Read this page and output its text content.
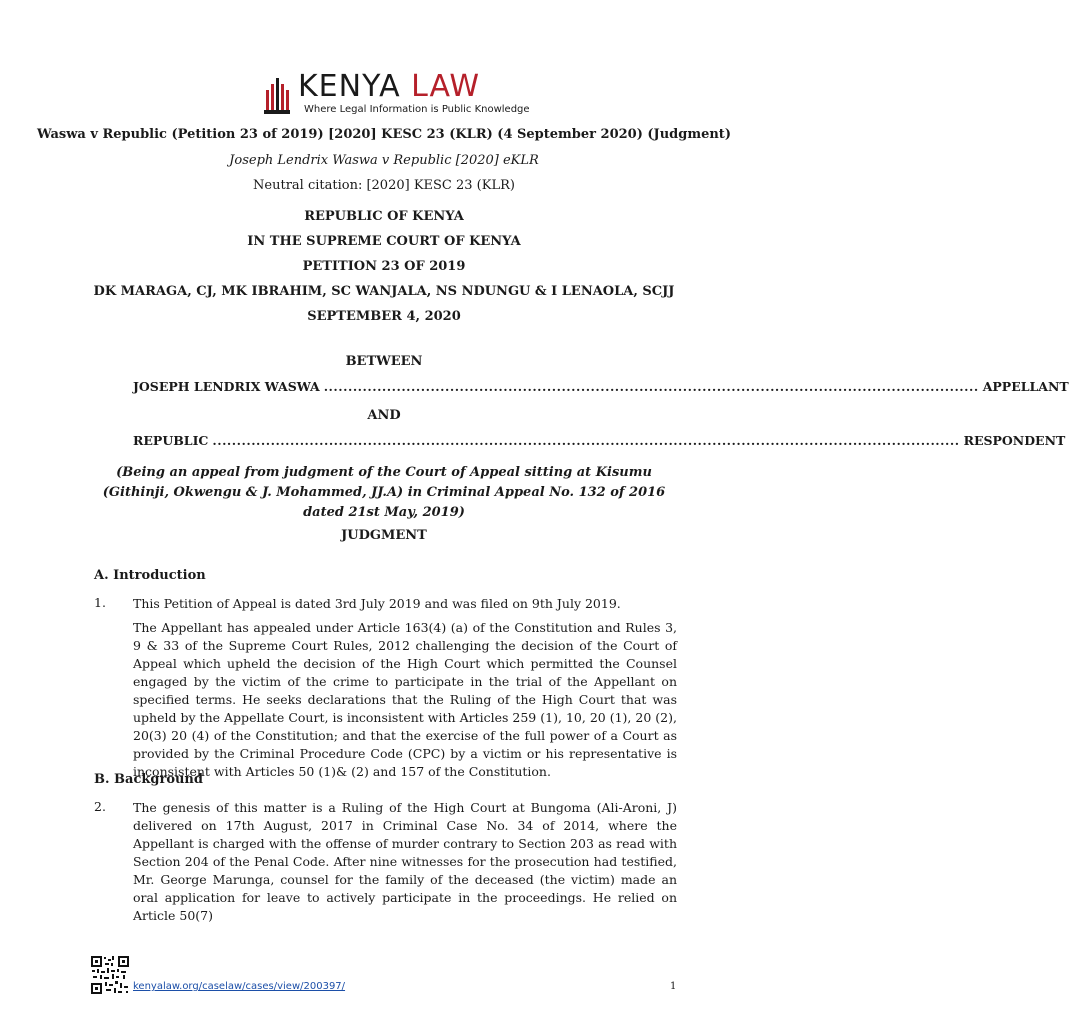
KENYA LAW
Where Legal Information is Public Knowledge
Waswa v Republic (Petition 23 of 2019) [2020] KESC 23 (KLR) (4 September 2020) (Judgment)
Joseph Lendrix Waswa v Republic [2020] eKLR
Neutral citation: [2020] KESC 23 (KLR)
REPUBLIC OF KENYA
IN THE SUPREME COURT OF KENYA
PETITION 23 OF 2019
DK MARAGA, CJ, MK IBRAHIM, SC WANJALA, NS NDUNGU & I LENAOLA, SCJJ
SEPTEMBER 4, 2020
BETWEEN
JOSEPH LENDRIX WASWA ....................................................................................................................................... APPELLANT
AND
REPUBLIC .......................................................................................................................................................... RESPONDENT
(Being an appeal from judgment of the Court of Appeal sitting at Kisumu (Githinji, Okwengu & J. Mohammed, JJ.A) in Criminal Appeal No. 132 of 2016 dated 21st May, 2019)
JUDGMENT
A. Introduction
1. This Petition of Appeal is dated 3rd July 2019 and was filed on 9th July 2019.
The Appellant has appealed under Article 163(4) (a) of the Constitution and Rules 3, 9 & 33 of the Supreme Court Rules, 2012 challenging the decision of the Court of Appeal which upheld the decision of the High Court which permitted the Counsel engaged by the victim of the crime to participate in the trial of the Appellant on specified terms. He seeks declarations that the Ruling of the High Court that was upheld by the Appellate Court, is inconsistent with Articles 259 (1), 10, 20 (1), 20 (2), 20(3) 20 (4) of the Constitution; and that the exercise of the full power of a Court as provided by the Criminal Procedure Code (CPC) by a victim or his representative is inconsistent with Articles 50 (1)& (2) and 157 of the Constitution.
B. Background
2. The genesis of this matter is a Ruling of the High Court at Bungoma (Ali-Aroni, J) delivered on 17th August, 2017 in Criminal Case No. 34 of 2014, where the Appellant is charged with the offense of murder contrary to Section 203 as read with Section 204 of the Penal Code. After nine witnesses for the prosecution had testified, Mr. George Marunga, counsel for the family of the deceased (the victim) made an oral application for leave to actively participate in the proceedings. He relied on Article 50(7)
kenyalaw.org/caselaw/cases/view/200397/	1
